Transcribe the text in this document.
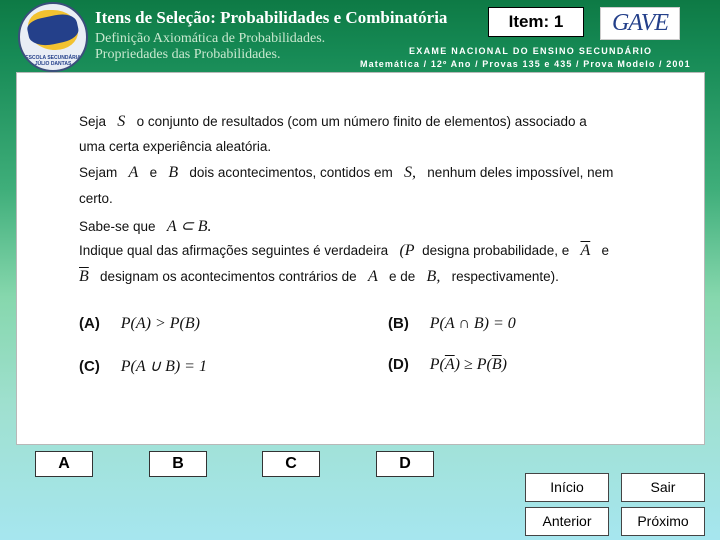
ESCOLA SECUNDÁRIA JÚLIO DANTAS
Itens de Seleção: Probabilidades e Combinatória
Definição Axiomática de Probabilidades.
Propriedades das Probabilidades.
Item: 1	GAVE
EXAME NACIONAL DO ENSINO SECUNDÁRIO
Matemática / 12º Ano / Provas 135 e 435 / Prova Modelo / 2001
Seja S o conjunto de resultados (com um número finito de elementos) associado a
uma certa experiência aleatória.
Sejam A e B dois acontecimentos, contidos em S, nenhum deles impossível, nem
certo.
Sabe-se que A ⊂ B.
Indique qual das afirmações seguintes é verdadeira (P designa probabilidade, e $\overline{A}$ e
$\overline{B}$ designam os acontecimentos contrários de A e de B, respectivamente).
(A) P(A) > P(B)	(B) P(A ∩ B) = 0
(C) P(A ∪ B) = 1	(D) $P(\overline{A}) \ge P(\overline{B})$
A	B	C	D
Início	Sair
Anterior	Próximo
